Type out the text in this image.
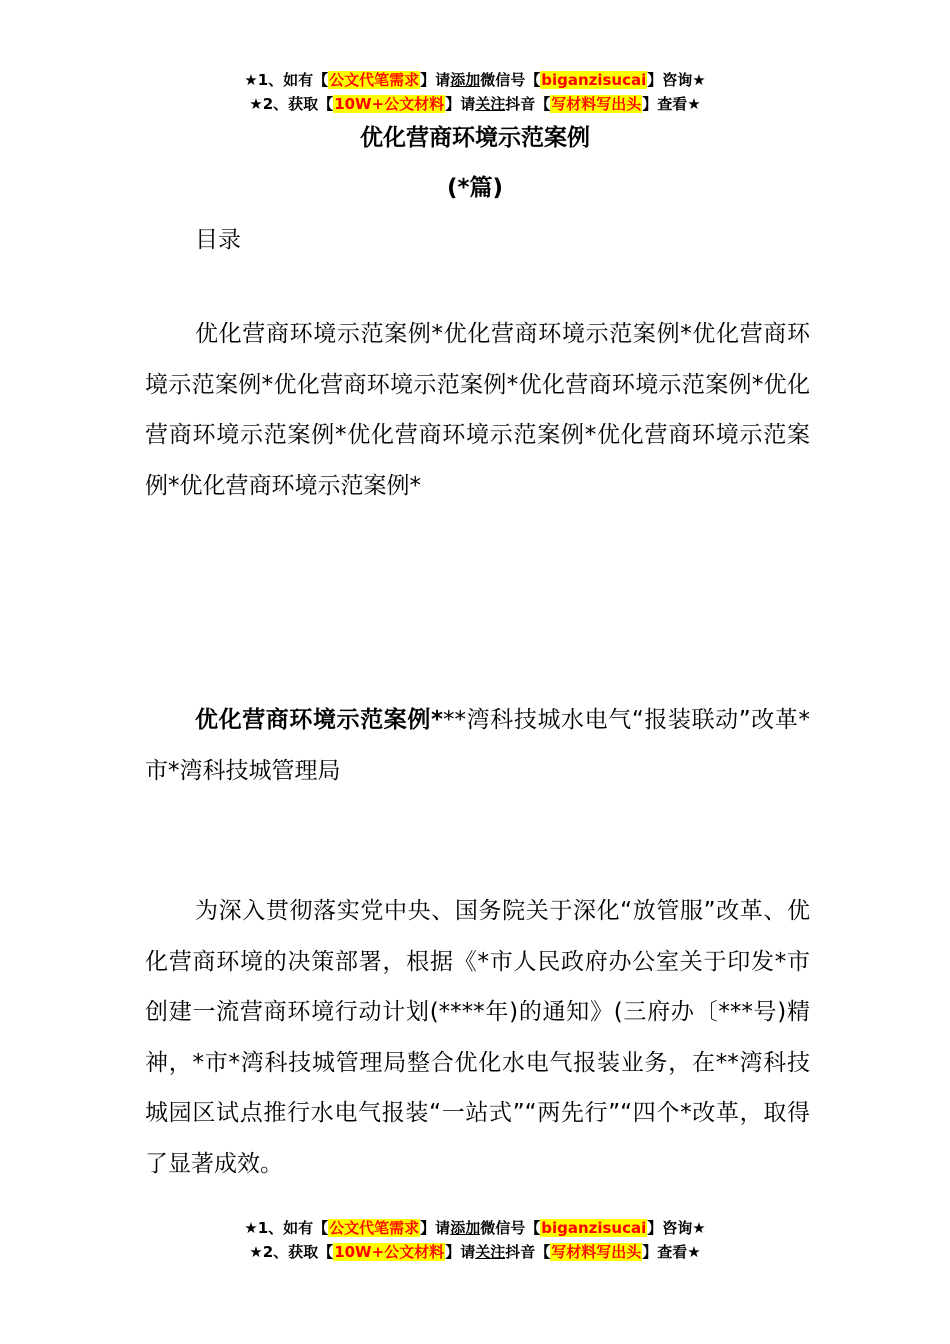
★1、如有【公文代笔需求】请添加微信号【biganzisucai】咨询★
★2、获取【10W+公文材料】请关注抖音【写材料写出头】查看★
优化营商环境示范案例
(*篇)
目录

优化营商环境示范案例*优化营商环境示范案例*优化营商环境示范案例*优化营商环境示范案例*优化营商环境示范案例*优化营商环境示范案例*优化营商环境示范案例*优化营商环境示范案例*优化营商环境示范案例*

优化营商环境示范案例***湾科技城水电气“报装联动”改革*市*湾科技城管理局

为深入贯彻落实党中央、国务院关于深化“放管服”改革、优化营商环境的决策部署，根据《*市人民政府办公室关于印发*市创建一流营商环境行动计划(****年)的通知》(三府办〔***号)精神，*市*湾科技城管理局整合优化水电气报装业务，在**湾科技城园区试点推行水电气报装“一站式”“两先行”“四个*改革，取得了显著成效。

★1、如有【公文代笔需求】请添加微信号【biganzisucai】咨询★
★2、获取【10W+公文材料】请关注抖音【写材料写出头】查看★
